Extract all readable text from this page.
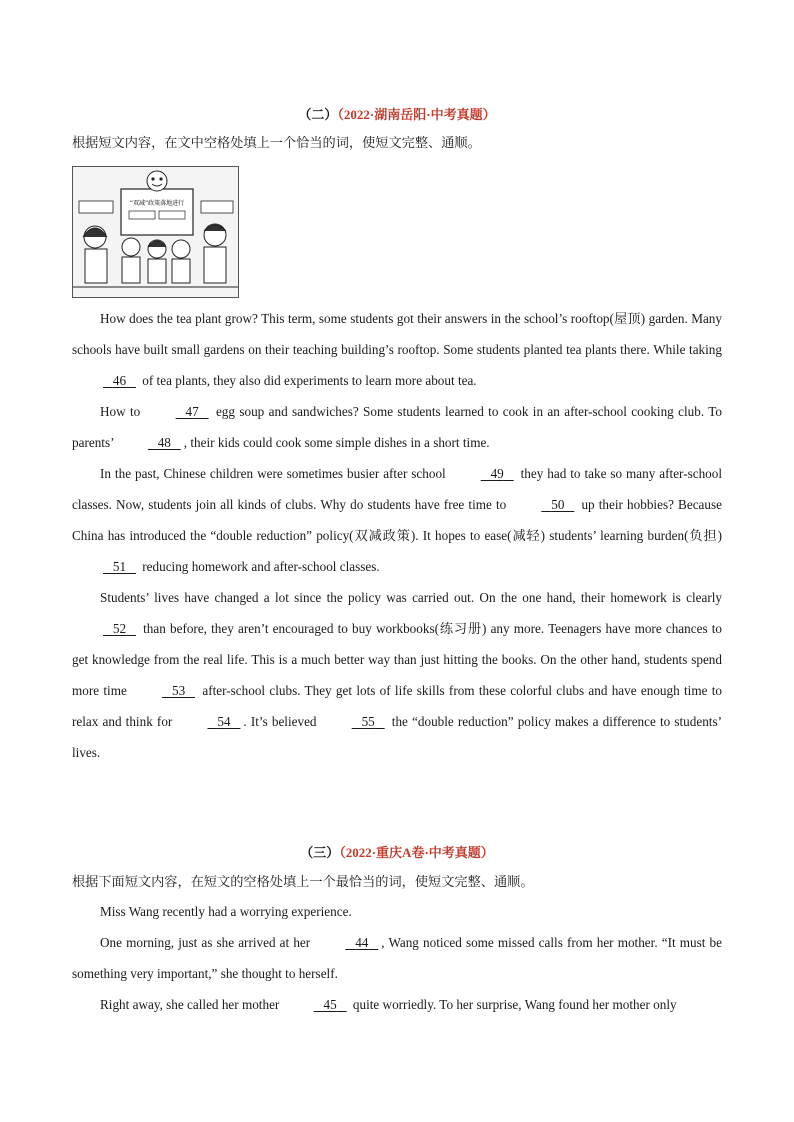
（二）（2022·湖南岳阳·中考真题）
根据短文内容，在文中空格处填上一个恰当的词，使短文完整、通顺。
“双减”政策落地进行

How does the tea plant grow? This term, some students got their answers in the school’s rooftop(屋顶) garden. Many schools have built small gardens on their teaching building’s rooftop. Some students planted tea plants there. While taking 46 of tea plants, they also did experiments to learn more about tea.

How to	47 egg soup and sandwiches? Some students learned to cook in an after-school cooking club. To parents’	48 , their kids could cook some simple dishes in a short time.

In the past, Chinese children were sometimes busier after school	49 they had to take so many after-school classes. Now, students join all kinds of clubs. Why do students have free time to	50 up their hobbies? Because China has introduced the “double reduction” policy(双减政策). It hopes to ease(减轻) students’ learning burden(负担) 51 reducing homework and after-school classes.

Students’ lives have changed a lot since the policy was carried out. On the one hand, their homework is clearly 52 than before, they aren’t encouraged to buy workbooks(练习册) any more. Teenagers have more chances to get knowledge from the real life. This is a much better way than just hitting the books. On the other hand, students spend more time	53 after-school clubs. They get lots of life skills from these colorful clubs and have enough time to relax and think for	54 . It’s believed	55 the “double reduction” policy makes a difference to students’ lives.

（三）（2022·重庆A卷·中考真题）
根据下面短文内容，在短文的空格处填上一个最恰当的词，使短文完整、通顺。

Miss Wang recently had a worrying experience.

One morning, just as she arrived at her	44 , Wang noticed some missed calls from her mother. “It must be something very important,” she thought to herself.

Right away, she called her mother	45 quite worriedly. To her surprise, Wang found her mother only
